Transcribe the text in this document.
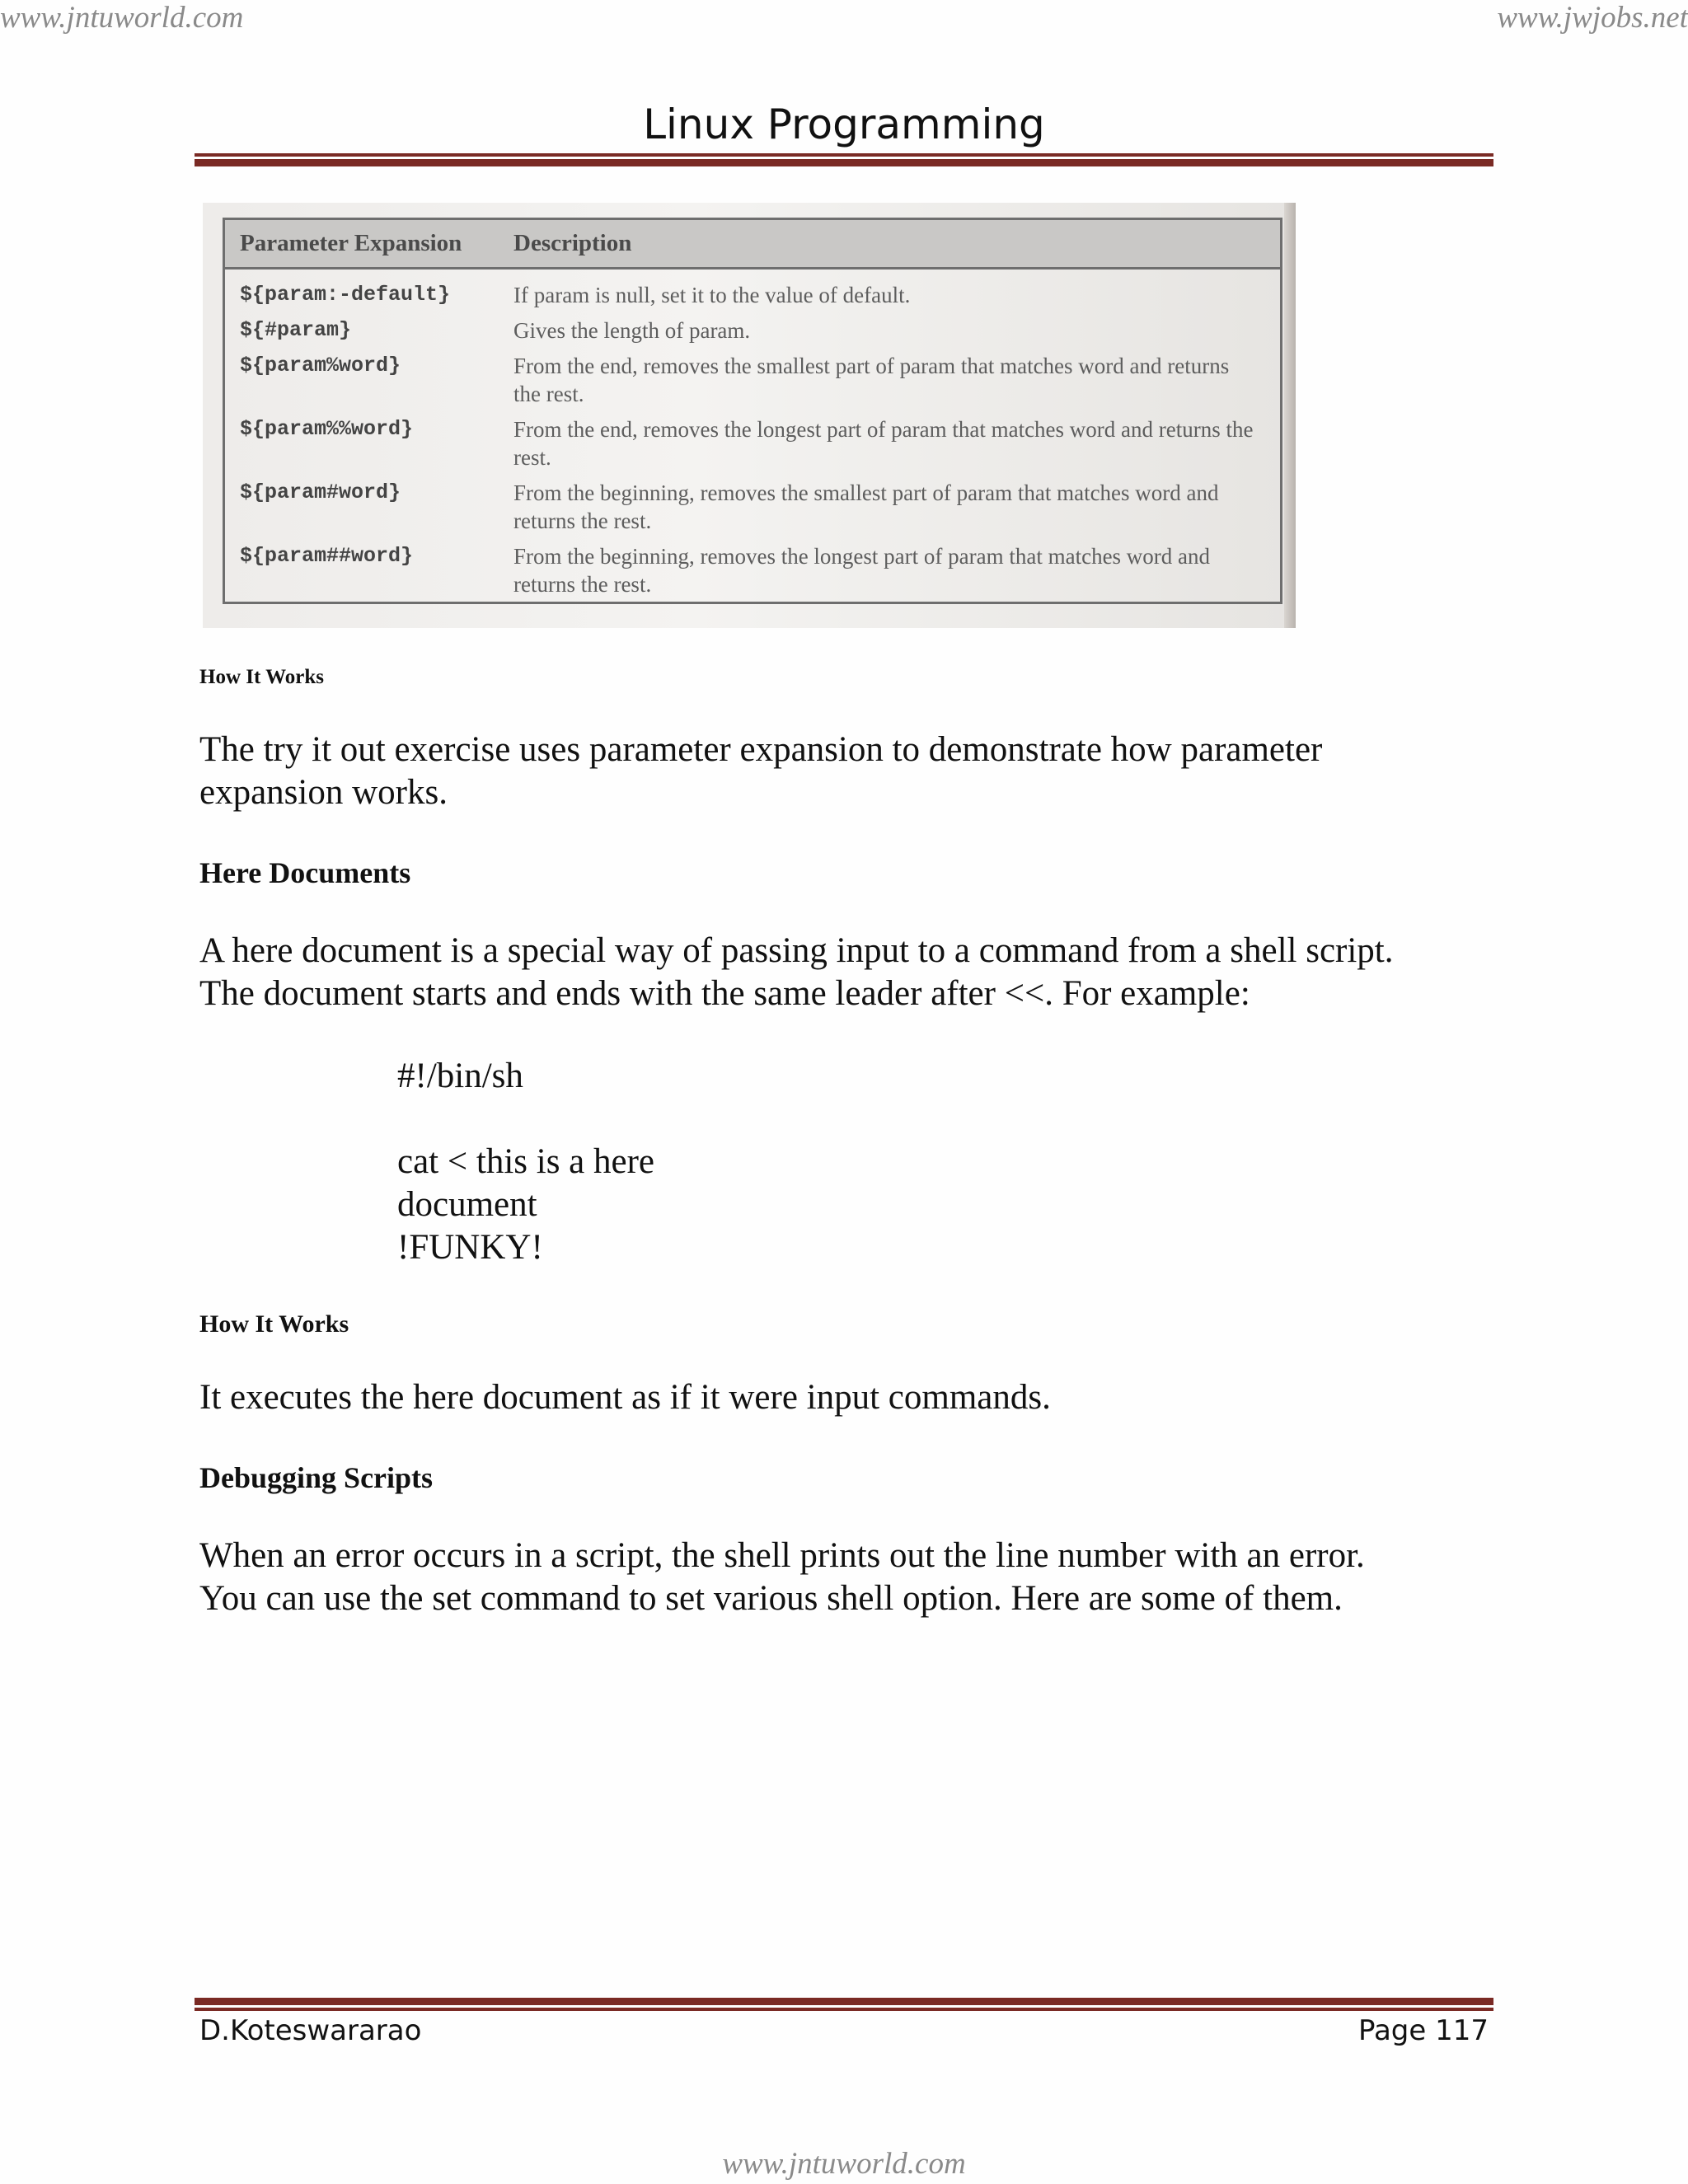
www.jntuworld.com	www.jwjobs.net
Linux Programming
Parameter Expansion	Description
${param:-default}	If param is null, set it to the value of default.
${#param}	Gives the length of param.
${param%word}	From the end, removes the smallest part of param that matches word and returns the rest.
${param%%word}	From the end, removes the longest part of param that matches word and returns the rest.
${param#word}	From the beginning, removes the smallest part of param that matches word and returns the rest.
${param##word}	From the beginning, removes the longest part of param that matches word and returns the rest.
How It Works
The try it out exercise uses parameter expansion to demonstrate how parameter
expansion works.
Here Documents
A here document is a special way of passing input to a command from a shell script.
The document starts and ends with the same leader after <<. For example:
#!/bin/sh
cat < this is a here
document
!FUNKY!
How It Works
It executes the here document as if it were input commands.
Debugging Scripts
When an error occurs in a script, the shell prints out the line number with an error.
You can use the set command to set various shell option. Here are some of them.
D.Koteswararao	Page 117
www.jntuworld.com
